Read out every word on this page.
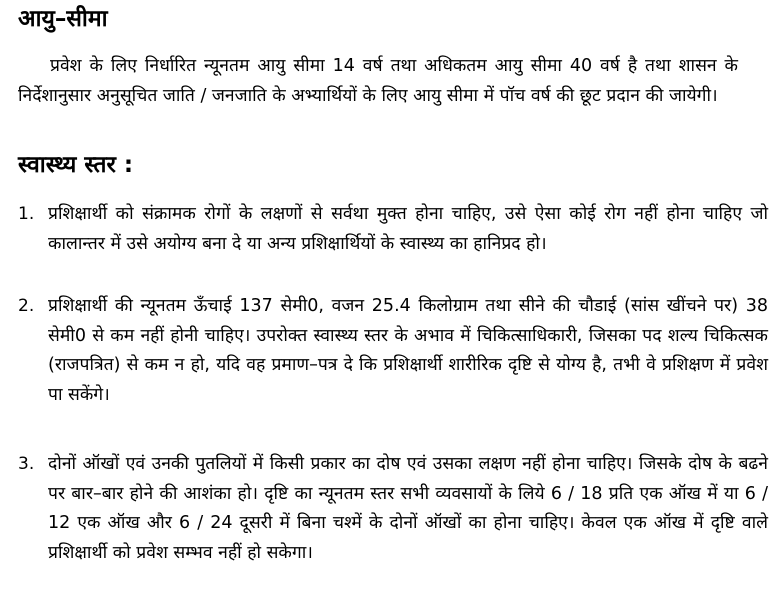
आयु–सीमा
प्रवेश के लिए निर्धारित न्यूनतम आयु सीमा 14 वर्ष तथा अधिकतम आयु सीमा 40 वर्ष है तथा शासन के निर्देशानुसार अनुसूचित जाति / जनजाति के अभ्यार्थियों के लिए आयु सीमा में पॉच वर्ष की छूट प्रदान की जायेगी।
स्वास्थ्य स्तर :
1. प्रशिक्षार्थी को संक्रामक रोगों के लक्षणों से सर्वथा मुक्त होना चाहिए, उसे ऐसा कोई रोग नहीं होना चाहिए जो कालान्तर में उसे अयोग्य बना दे या अन्य प्रशिक्षार्थियों के स्वास्थ्य का हानिप्रद हो।
2. प्रशिक्षार्थी की न्यूनतम ऊँचाई 137 सेमी0, वजन 25.4 किलोग्राम तथा सीने की चौडाई (सांस खींचने पर) 38 सेमी0 से कम नहीं होनी चाहिए। उपरोक्त स्वास्थ्य स्तर के अभाव में चिकित्साधिकारी, जिसका पद शल्य चिकित्सक (राजपत्रित) से कम न हो, यदि वह प्रमाण–पत्र दे कि प्रशिक्षार्थी शारीरिक दृष्टि से योग्य है, तभी वे प्रशिक्षण में प्रवेश पा सकेंगे।
3. दोनों ऑखों एवं उनकी पुतलियों में किसी प्रकार का दोष एवं उसका लक्षण नहीं होना चाहिए। जिसके दोष के बढने पर बार–बार होने की आशंका हो। दृष्टि का न्यूनतम स्तर सभी व्यवसायों के लिये 6 / 18 प्रति एक ऑख में या 6 / 12 एक ऑख और 6 / 24 दूसरी में बिना चश्में के दोनों ऑखों का होना चाहिए। केवल एक ऑख में दृष्टि वाले प्रशिक्षार्थी को प्रवेश सम्भव नहीं हो सकेगा।
